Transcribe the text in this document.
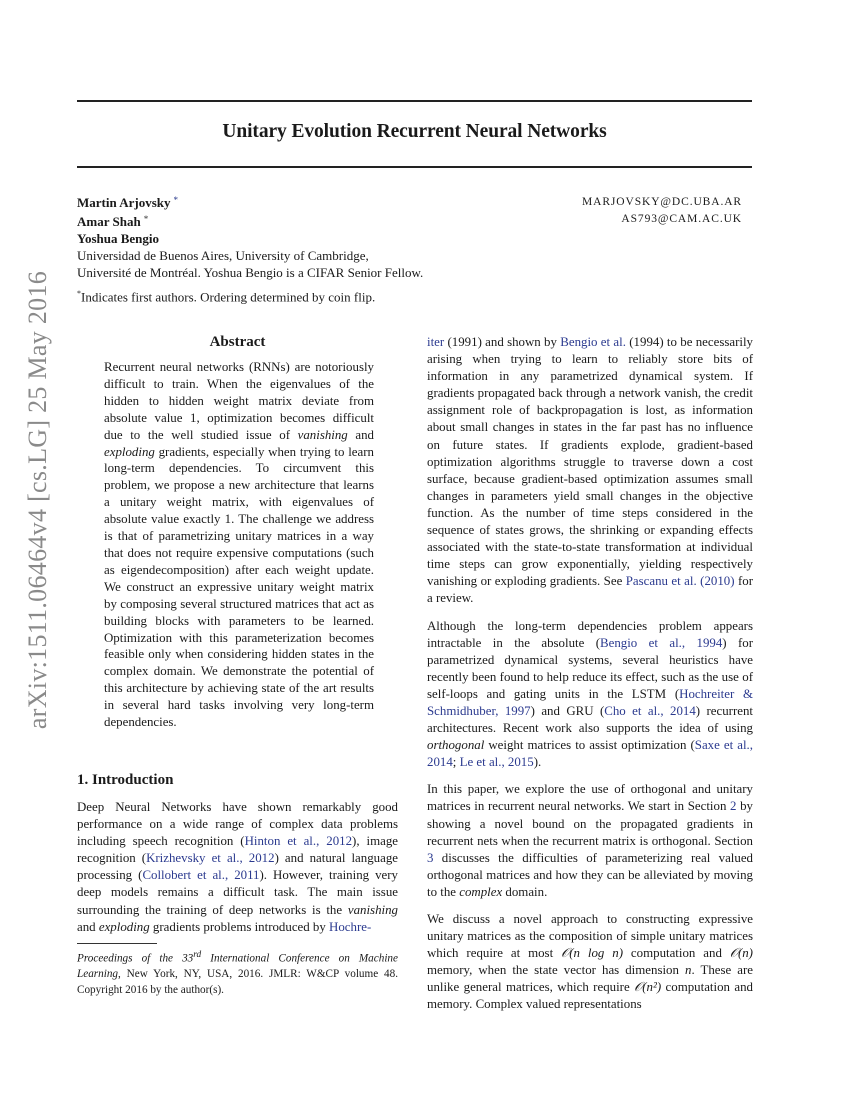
arXiv:1511.06464v4 [cs.LG] 25 May 2016
Unitary Evolution Recurrent Neural Networks
Martin Arjovsky *
Amar Shah *
Yoshua Bengio
MARJOVSKY@DC.UBA.AR
AS793@CAM.AC.UK
Universidad de Buenos Aires, University of Cambridge,
Université de Montréal. Yoshua Bengio is a CIFAR Senior Fellow.
*Indicates first authors. Ordering determined by coin flip.
Abstract
Recurrent neural networks (RNNs) are notoriously difficult to train. When the eigenvalues of the hidden to hidden weight matrix deviate from absolute value 1, optimization becomes difficult due to the well studied issue of vanishing and exploding gradients, especially when trying to learn long-term dependencies. To circumvent this problem, we propose a new architecture that learns a unitary weight matrix, with eigenvalues of absolute value exactly 1. The challenge we address is that of parametrizing unitary matrices in a way that does not require expensive computations (such as eigendecomposition) after each weight update. We construct an expressive unitary weight matrix by composing several structured matrices that act as building blocks with parameters to be learned. Optimization with this parameterization becomes feasible only when considering hidden states in the complex domain. We demonstrate the potential of this architecture by achieving state of the art results in several hard tasks involving very long-term dependencies.
1. Introduction

Deep Neural Networks have shown remarkably good performance on a wide range of complex data problems including speech recognition (Hinton et al., 2012), image recognition (Krizhevsky et al., 2012) and natural language processing (Collobert et al., 2011). However, training very deep models remains a difficult task. The main issue surrounding the training of deep networks is the vanishing and exploding gradients problems introduced by Hochre-

Proceedings of the 33rd International Conference on Machine Learning, New York, NY, USA, 2016. JMLR: W&CP volume 48. Copyright 2016 by the author(s).

iter (1991) and shown by Bengio et al. (1994) to be necessarily arising when trying to learn to reliably store bits of information in any parametrized dynamical system. If gradients propagated back through a network vanish, the credit assignment role of backpropagation is lost, as information about small changes in states in the far past has no influence on future states. If gradients explode, gradient-based optimization algorithms struggle to traverse down a cost surface, because gradient-based optimization assumes small changes in parameters yield small changes in the objective function. As the number of time steps considered in the sequence of states grows, the shrinking or expanding effects associated with the state-to-state transformation at individual time steps can grow exponentially, yielding respectively vanishing or exploding gradients. See Pascanu et al. (2010) for a review.

Although the long-term dependencies problem appears intractable in the absolute (Bengio et al., 1994) for parametrized dynamical systems, several heuristics have recently been found to help reduce its effect, such as the use of self-loops and gating units in the LSTM (Hochreiter & Schmidhuber, 1997) and GRU (Cho et al., 2014) recurrent architectures. Recent work also supports the idea of using orthogonal weight matrices to assist optimization (Saxe et al., 2014; Le et al., 2015).

In this paper, we explore the use of orthogonal and unitary matrices in recurrent neural networks. We start in Section 2 by showing a novel bound on the propagated gradients in recurrent nets when the recurrent matrix is orthogonal. Section 3 discusses the difficulties of parameterizing real valued orthogonal matrices and how they can be alleviated by moving to the complex domain.

We discuss a novel approach to constructing expressive unitary matrices as the composition of simple unitary matrices which require at most 𝒪(n log n) computation and 𝒪(n) memory, when the state vector has dimension n. These are unlike general matrices, which require 𝒪(n²) computation and memory. Complex valued representations
